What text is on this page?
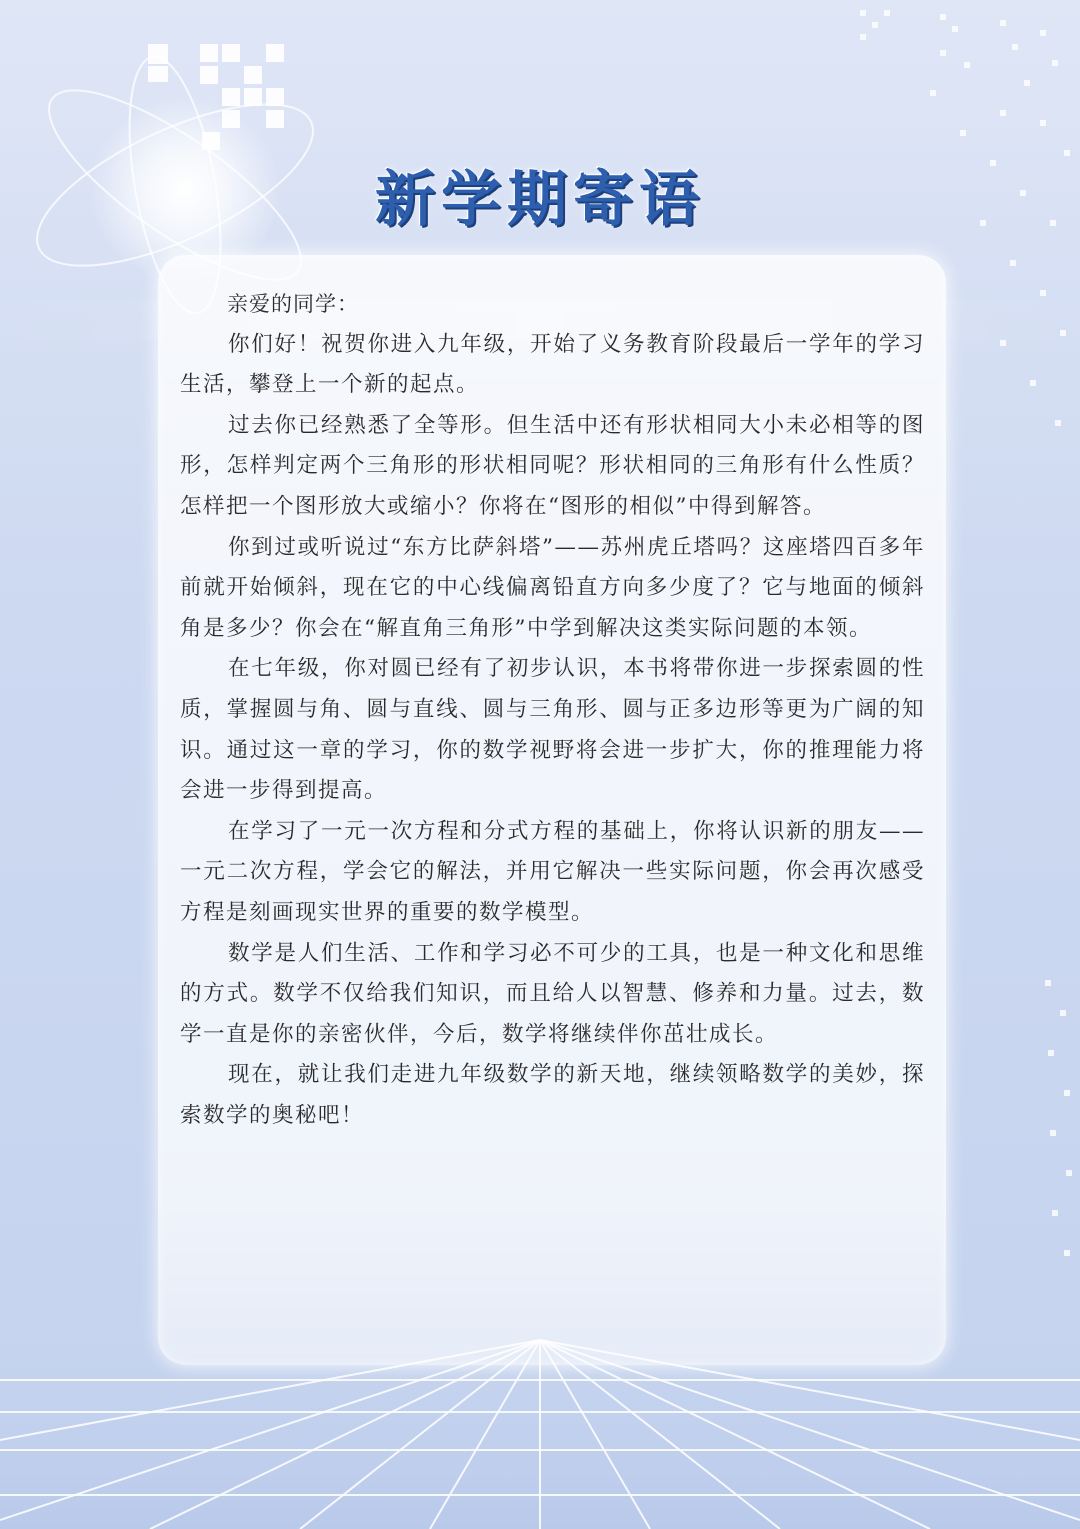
新学期寄语

亲爱的同学：

你们好！祝贺你进入九年级，开始了义务教育阶段最后一学年的学习生活，攀登上一个新的起点。

过去你已经熟悉了全等形。但生活中还有形状相同大小未必相等的图形，怎样判定两个三角形的形状相同呢？形状相同的三角形有什么性质？怎样把一个图形放大或缩小？你将在“图形的相似”中得到解答。

你到过或听说过“东方比萨斜塔”——苏州虎丘塔吗？这座塔四百多年前就开始倾斜，现在它的中心线偏离铅直方向多少度了？它与地面的倾斜角是多少？你会在“解直角三角形”中学到解决这类实际问题的本领。

在七年级，你对圆已经有了初步认识，本书将带你进一步探索圆的性质，掌握圆与角、圆与直线、圆与三角形、圆与正多边形等更为广阔的知识。通过这一章的学习，你的数学视野将会进一步扩大，你的推理能力将会进一步得到提高。

在学习了一元一次方程和分式方程的基础上，你将认识新的朋友——一元二次方程，学会它的解法，并用它解决一些实际问题，你会再次感受方程是刻画现实世界的重要的数学模型。

数学是人们生活、工作和学习必不可少的工具，也是一种文化和思维的方式。数学不仅给我们知识，而且给人以智慧、修养和力量。过去，数学一直是你的亲密伙伴，今后，数学将继续伴你茁壮成长。

现在，就让我们走进九年级数学的新天地，继续领略数学的美妙，探索数学的奥秘吧！
